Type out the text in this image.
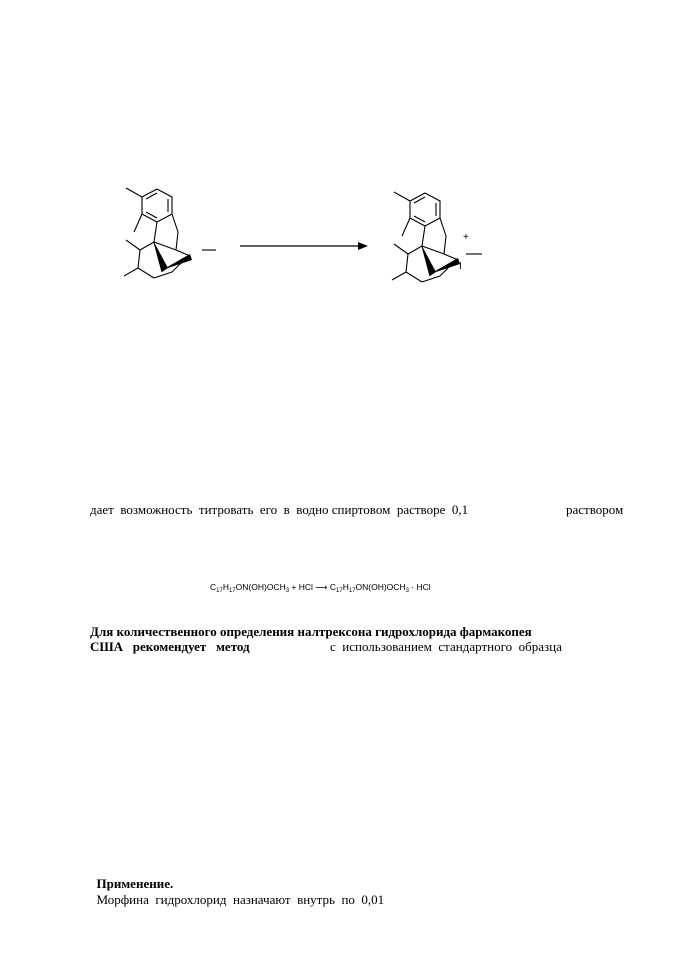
+
I
дает  возможность  титровать  его  в  водно спиртовом  растворе  0,1	раствором
$C_{17}H_{17}ON(OH)OCH_3$ + HCl ⟶ $C_{17}H_{17}ON(OH)OCH_3$ · HCl
Для количественного определения налтрексона гидрохлорида фармакопея
США   рекомендует   метод	с  использованием  стандартного  образца

Применение.
Морфина  гидрохлорид  назначают  внутрь  по  0,01
